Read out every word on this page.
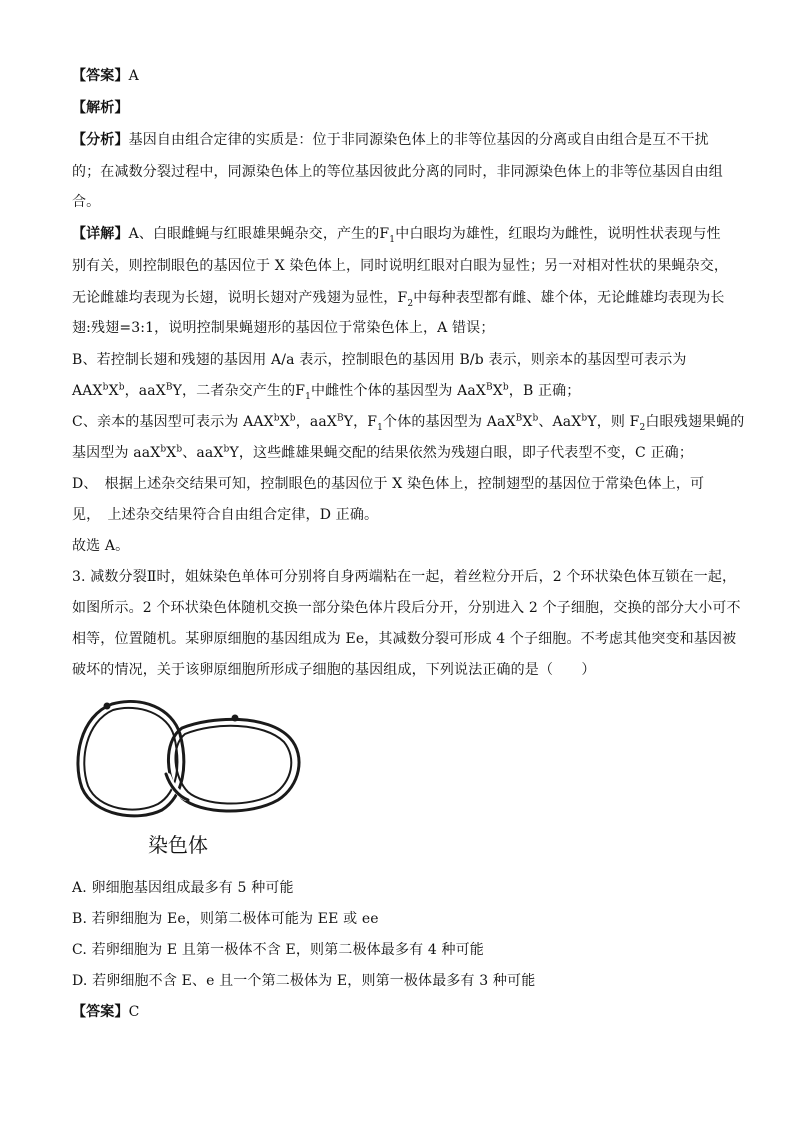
【答案】A
【解析】
【分析】基因自由组合定律的实质是：位于非同源染色体上的非等位基因的分离或自由组合是互不干扰
的；在减数分裂过程中，同源染色体上的等位基因彼此分离的同时，非同源染色体上的非等位基因自由组
合。
【详解】A、白眼雌蝇与红眼雄果蝇杂交，产生的$F_1$中白眼均为雄性，红眼均为雌性，说明性状表现与性
别有关，则控制眼色的基因位于 X 染色体上，同时说明红眼对白眼为显性；另一对相对性状的果蝇杂交，
无论雌雄均表现为长翅，说明长翅对产残翅为显性，$F_2$中每种表型都有雌、雄个体，无论雌雄均表现为长
翅:残翅=3:1，说明控制果蝇翅形的基因位于常染色体上，A 错误；
B、若控制长翅和残翅的基因用 A/a 表示，控制眼色的基因用 B/b 表示，则亲本的基因型可表示为
$AAX^bX^b$，aaX$^B$Y，二者杂交产生的$F_1$中雌性个体的基因型为 $AaX^BX^b$，B 正确；
C、亲本的基因型可表示为 $AAX^bX^b$，aaX$^B$Y，$F_1$个体的基因型为 $AaX^BX^b$、AaX$^b$Y，则 $F_2$白眼残翅果蝇的
基因型为 $aaX^bX^b$、aaX$^b$Y，这些雌雄果蝇交配的结果依然为残翅白眼，即子代表型不变，C 正确；
D、　根据上述杂交结果可知，控制眼色的基因位于 X 染色体上，控制翅型的基因位于常染色体上，可
见，　上述杂交结果符合自由组合定律，D 正确。
故选 A。
3. 减数分裂Ⅱ时，姐妹染色单体可分别将自身两端粘在一起，着丝粒分开后，2 个环状染色体互锁在一起，
如图所示。2 个环状染色体随机交换一部分染色体片段后分开，分别进入 2 个子细胞，交换的部分大小可不
相等，位置随机。某卵原细胞的基因组成为 Ee，其减数分裂可形成 4 个子细胞。不考虑其他突变和基因被
破坏的情况，关于该卵原细胞所形成子细胞的基因组成，下列说法正确的是（　　）
染色体
A. 卵细胞基因组成最多有 5 种可能
B. 若卵细胞为 Ee，则第二极体可能为 EE 或 ee
C. 若卵细胞为 E 且第一极体不含 E，则第二极体最多有 4 种可能
D. 若卵细胞不含 E、e 且一个第二极体为 E，则第一极体最多有 3 种可能
【答案】C
